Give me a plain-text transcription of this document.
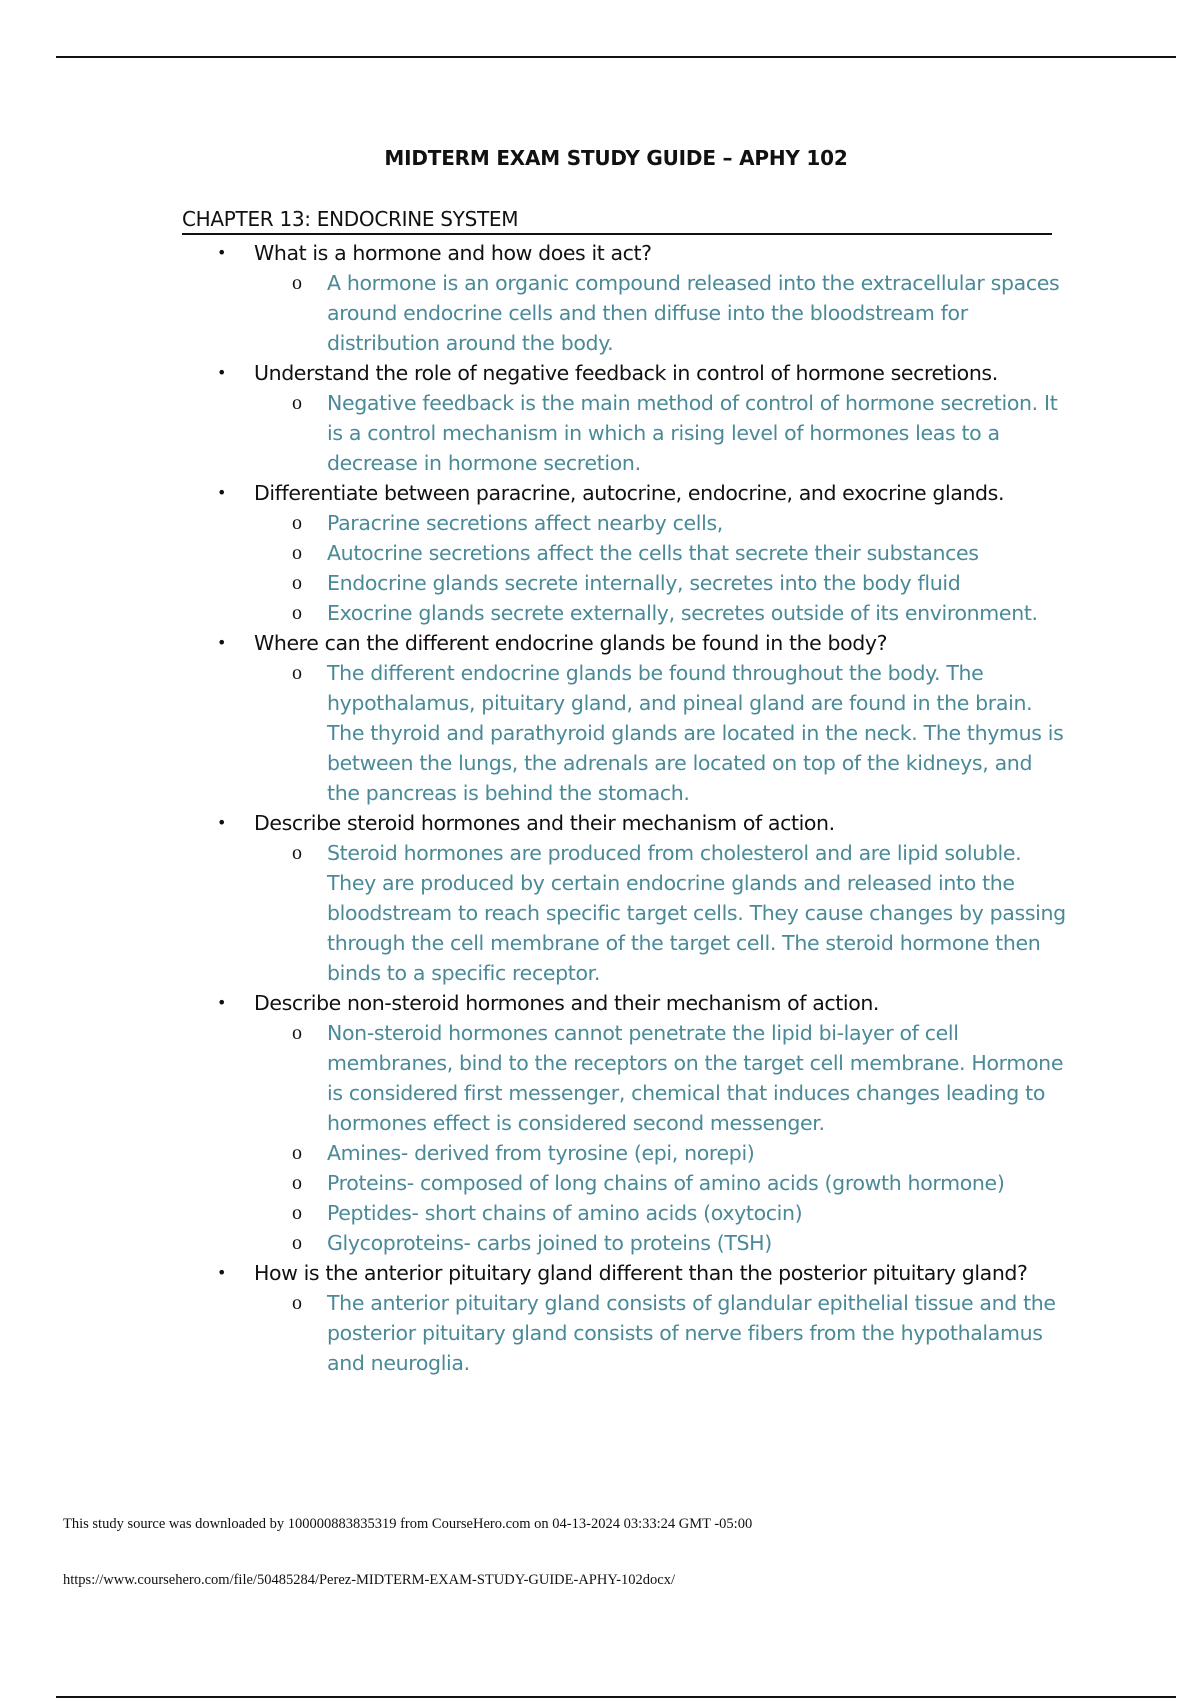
MIDTERM EXAM STUDY GUIDE – APHY 102
CHAPTER 13: ENDOCRINE SYSTEM
• What is a hormone and how does it act?
o A hormone is an organic compound released into the extracellular spaces
around endocrine cells and then diffuse into the bloodstream for
distribution around the body.
• Understand the role of negative feedback in control of hormone secretions.
o Negative feedback is the main method of control of hormone secretion. It
is a control mechanism in which a rising level of hormones leas to a
decrease in hormone secretion.
• Differentiate between paracrine, autocrine, endocrine, and exocrine glands.
o Paracrine secretions affect nearby cells,
o Autocrine secretions affect the cells that secrete their substances
o Endocrine glands secrete internally, secretes into the body fluid
o Exocrine glands secrete externally, secretes outside of its environment.
• Where can the different endocrine glands be found in the body?
o The different endocrine glands be found throughout the body. The
hypothalamus, pituitary gland, and pineal gland are found in the brain.
The thyroid and parathyroid glands are located in the neck. The thymus is
between the lungs, the adrenals are located on top of the kidneys, and
the pancreas is behind the stomach.
• Describe steroid hormones and their mechanism of action.
o Steroid hormones are produced from cholesterol and are lipid soluble.
They are produced by certain endocrine glands and released into the
bloodstream to reach specific target cells. They cause changes by passing
through the cell membrane of the target cell. The steroid hormone then
binds to a specific receptor.
• Describe non-steroid hormones and their mechanism of action.
o Non-steroid hormones cannot penetrate the lipid bi-layer of cell
membranes, bind to the receptors on the target cell membrane. Hormone
is considered first messenger, chemical that induces changes leading to
hormones effect is considered second messenger.
o Amines- derived from tyrosine (epi, norepi)
o Proteins- composed of long chains of amino acids (growth hormone)
o Peptides- short chains of amino acids (oxytocin)
o Glycoproteins- carbs joined to proteins (TSH)
• How is the anterior pituitary gland different than the posterior pituitary gland?
o The anterior pituitary gland consists of glandular epithelial tissue and the
posterior pituitary gland consists of nerve fibers from the hypothalamus
and neuroglia.
This study source was downloaded by 100000883835319 from CourseHero.com on 04-13-2024 03:33:24 GMT -05:00
https://www.coursehero.com/file/50485284/Perez-MIDTERM-EXAM-STUDY-GUIDE-APHY-102docx/
